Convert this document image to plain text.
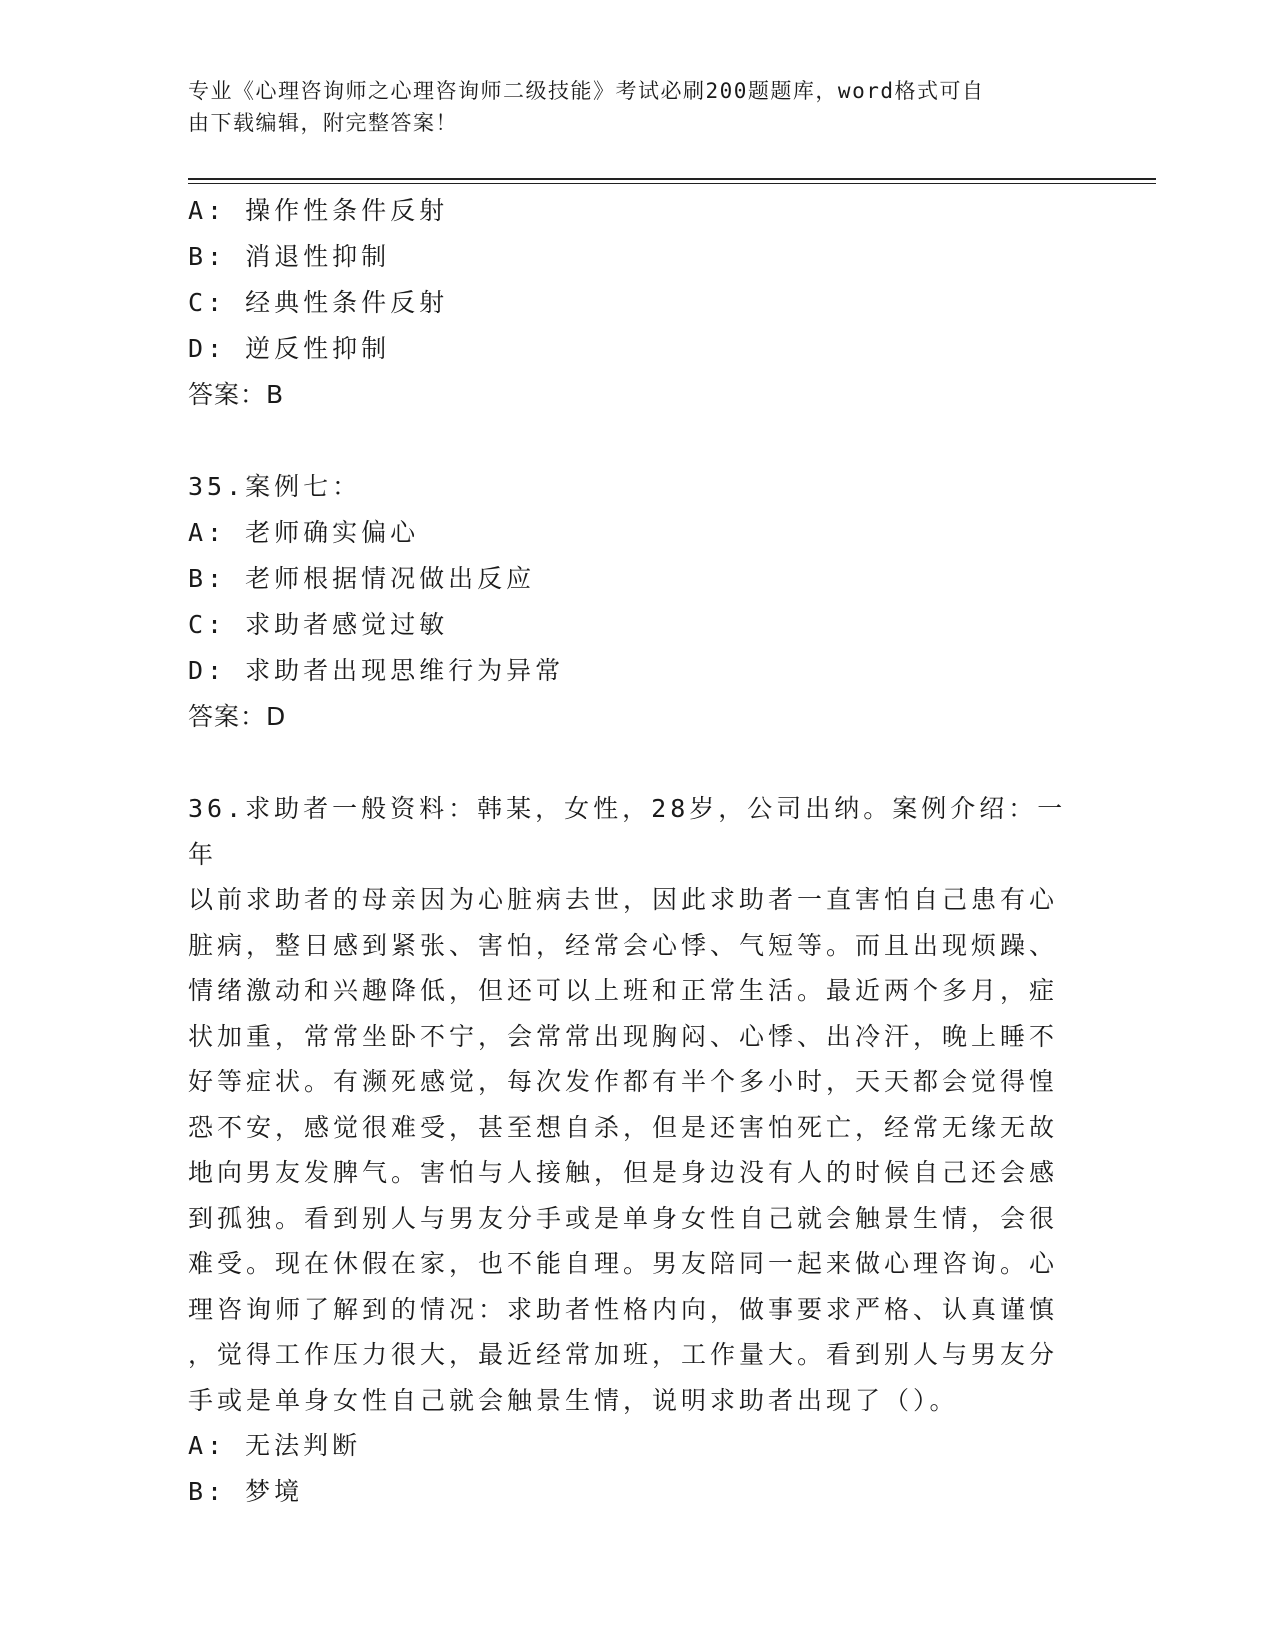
专业《心理咨询师之心理咨询师二级技能》考试必刷200题题库，word格式可自
由下载编辑，附完整答案！

A: 操作性条件反射

B: 消退性抑制

C: 经典性条件反射

D: 逆反性抑制

答案：B

35.案例七：

A: 老师确实偏心

B: 老师根据情况做出反应

C: 求助者感觉过敏

D: 求助者出现思维行为异常

答案：D

36.求助者一般资料：韩某，女性，28岁，公司出纳。案例介绍：一年

以前求助者的母亲因为心脏病去世，因此求助者一直害怕自己患有心

脏病，整日感到紧张、害怕，经常会心悸、气短等。而且出现烦躁、

情绪激动和兴趣降低，但还可以上班和正常生活。最近两个多月，症

状加重，常常坐卧不宁，会常常出现胸闷、心悸、出冷汗，晚上睡不

好等症状。有濒死感觉，每次发作都有半个多小时，天天都会觉得惶

恐不安，感觉很难受，甚至想自杀，但是还害怕死亡，经常无缘无故

地向男友发脾气。害怕与人接触，但是身边没有人的时候自己还会感

到孤独。看到别人与男友分手或是单身女性自己就会触景生情，会很

难受。现在休假在家，也不能自理。男友陪同一起来做心理咨询。心

理咨询师了解到的情况：求助者性格内向，做事要求严格、认真谨慎

，觉得工作压力很大，最近经常加班，工作量大。看到别人与男友分

手或是单身女性自己就会触景生情，说明求助者出现了（）。

A: 无法判断

B: 梦境
